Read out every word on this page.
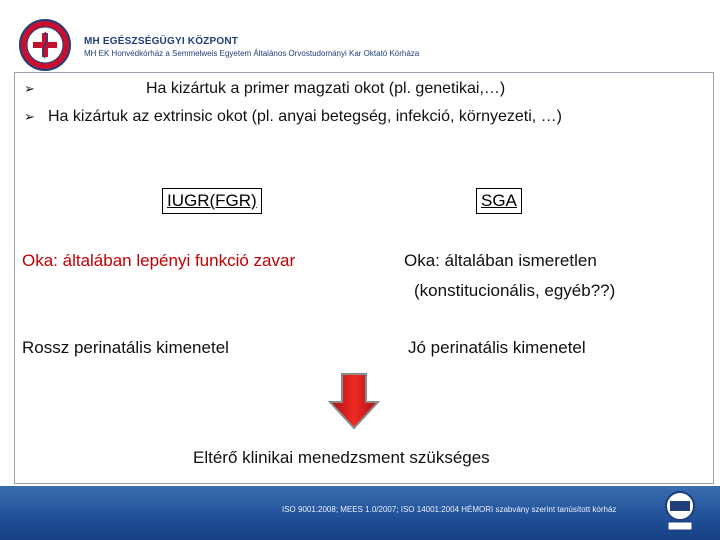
MH EGÉSZSÉGÜGYI KÖZPONT
MH EK Honvédkórház a Semmelweis Egyetem Általános Orvostudományi Kar Oktató Kórháza
➢	Ha kizártuk a primer magzati okot (pl. genetikai,…)
➢ Ha kizártuk az extrinsic okot (pl. anyai betegség, infekció, környezeti, …)
IUGR(FGR)	SGA
Oka: általában lepényi funkció zavar	Oka: általában ismeretlen
(konstitucionális, egyéb??)
Rossz perinatális kimenetel	Jó perinatális kimenetel
Eltérő klinikai menedzsment szükséges
ISO 9001:2008; MEES 1.0/2007; ISO 14001:2004 HÉMORI szabvány szerint tanúsított kórház
